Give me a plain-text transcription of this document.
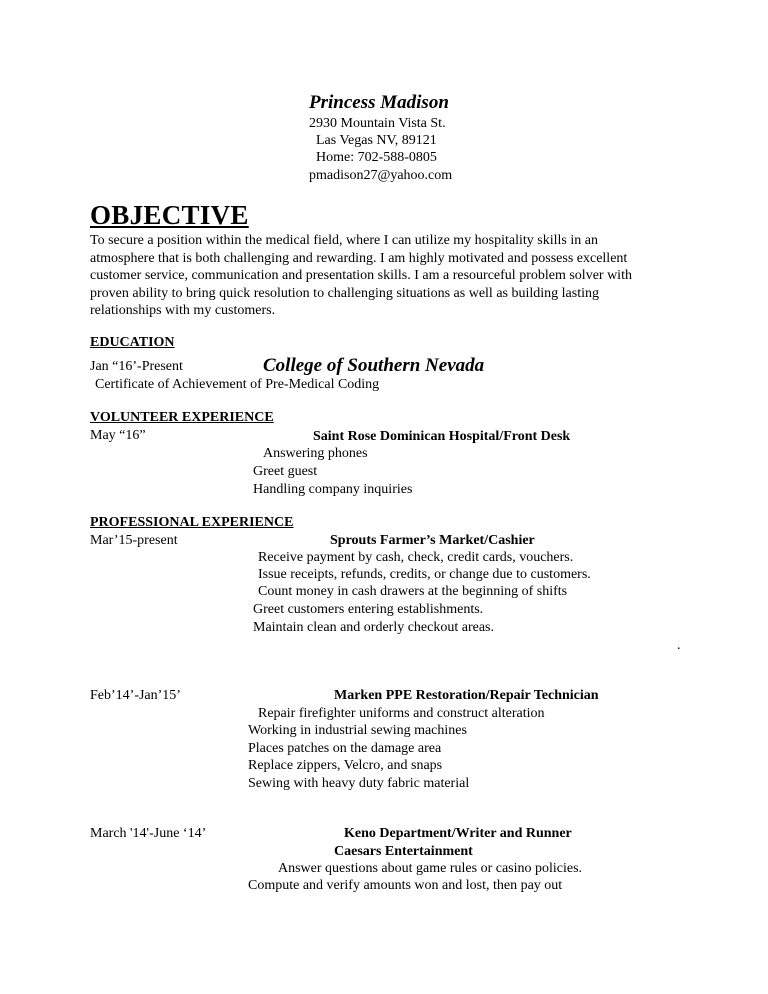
Princess Madison
2930 Mountain Vista St.
Las Vegas NV, 89121
Home: 702-588-0805
pmadison27@yahoo.com
OBJECTIVE
To secure a position within the medical field, where I can utilize my hospitality skills in an
atmosphere that is both challenging and rewarding. I am highly motivated and possess excellent
customer service, communication and presentation skills. I am a resourceful problem solver with
proven ability to bring quick resolution to challenging situations as well as building lasting
relationships with my customers.
EDUCATION
Jan “16’-Present	College of Southern Nevada
Certificate of Achievement of Pre-Medical Coding
VOLUNTEER EXPERIENCE
May “16”	Saint Rose Dominican Hospital/Front Desk
Answering phones
Greet guest
Handling company inquiries
PROFESSIONAL EXPERIENCE
Mar’15-present	Sprouts Farmer’s Market/Cashier
Receive payment by cash, check, credit cards, vouchers.
Issue receipts, refunds, credits, or change due to customers.
Count money in cash drawers at the beginning of shifts
Greet customers entering establishments.
Maintain clean and orderly checkout areas.
.
Feb’14’-Jan’15’	Marken PPE Restoration/Repair Technician
Repair firefighter uniforms and construct alteration
Working in industrial sewing machines
Places patches on the damage area
Replace zippers, Velcro, and snaps
Sewing with heavy duty fabric material
March '14'-June ‘14’	Keno Department/Writer and Runner
Caesars Entertainment
Answer questions about game rules or casino policies.
Compute and verify amounts won and lost, then pay out
